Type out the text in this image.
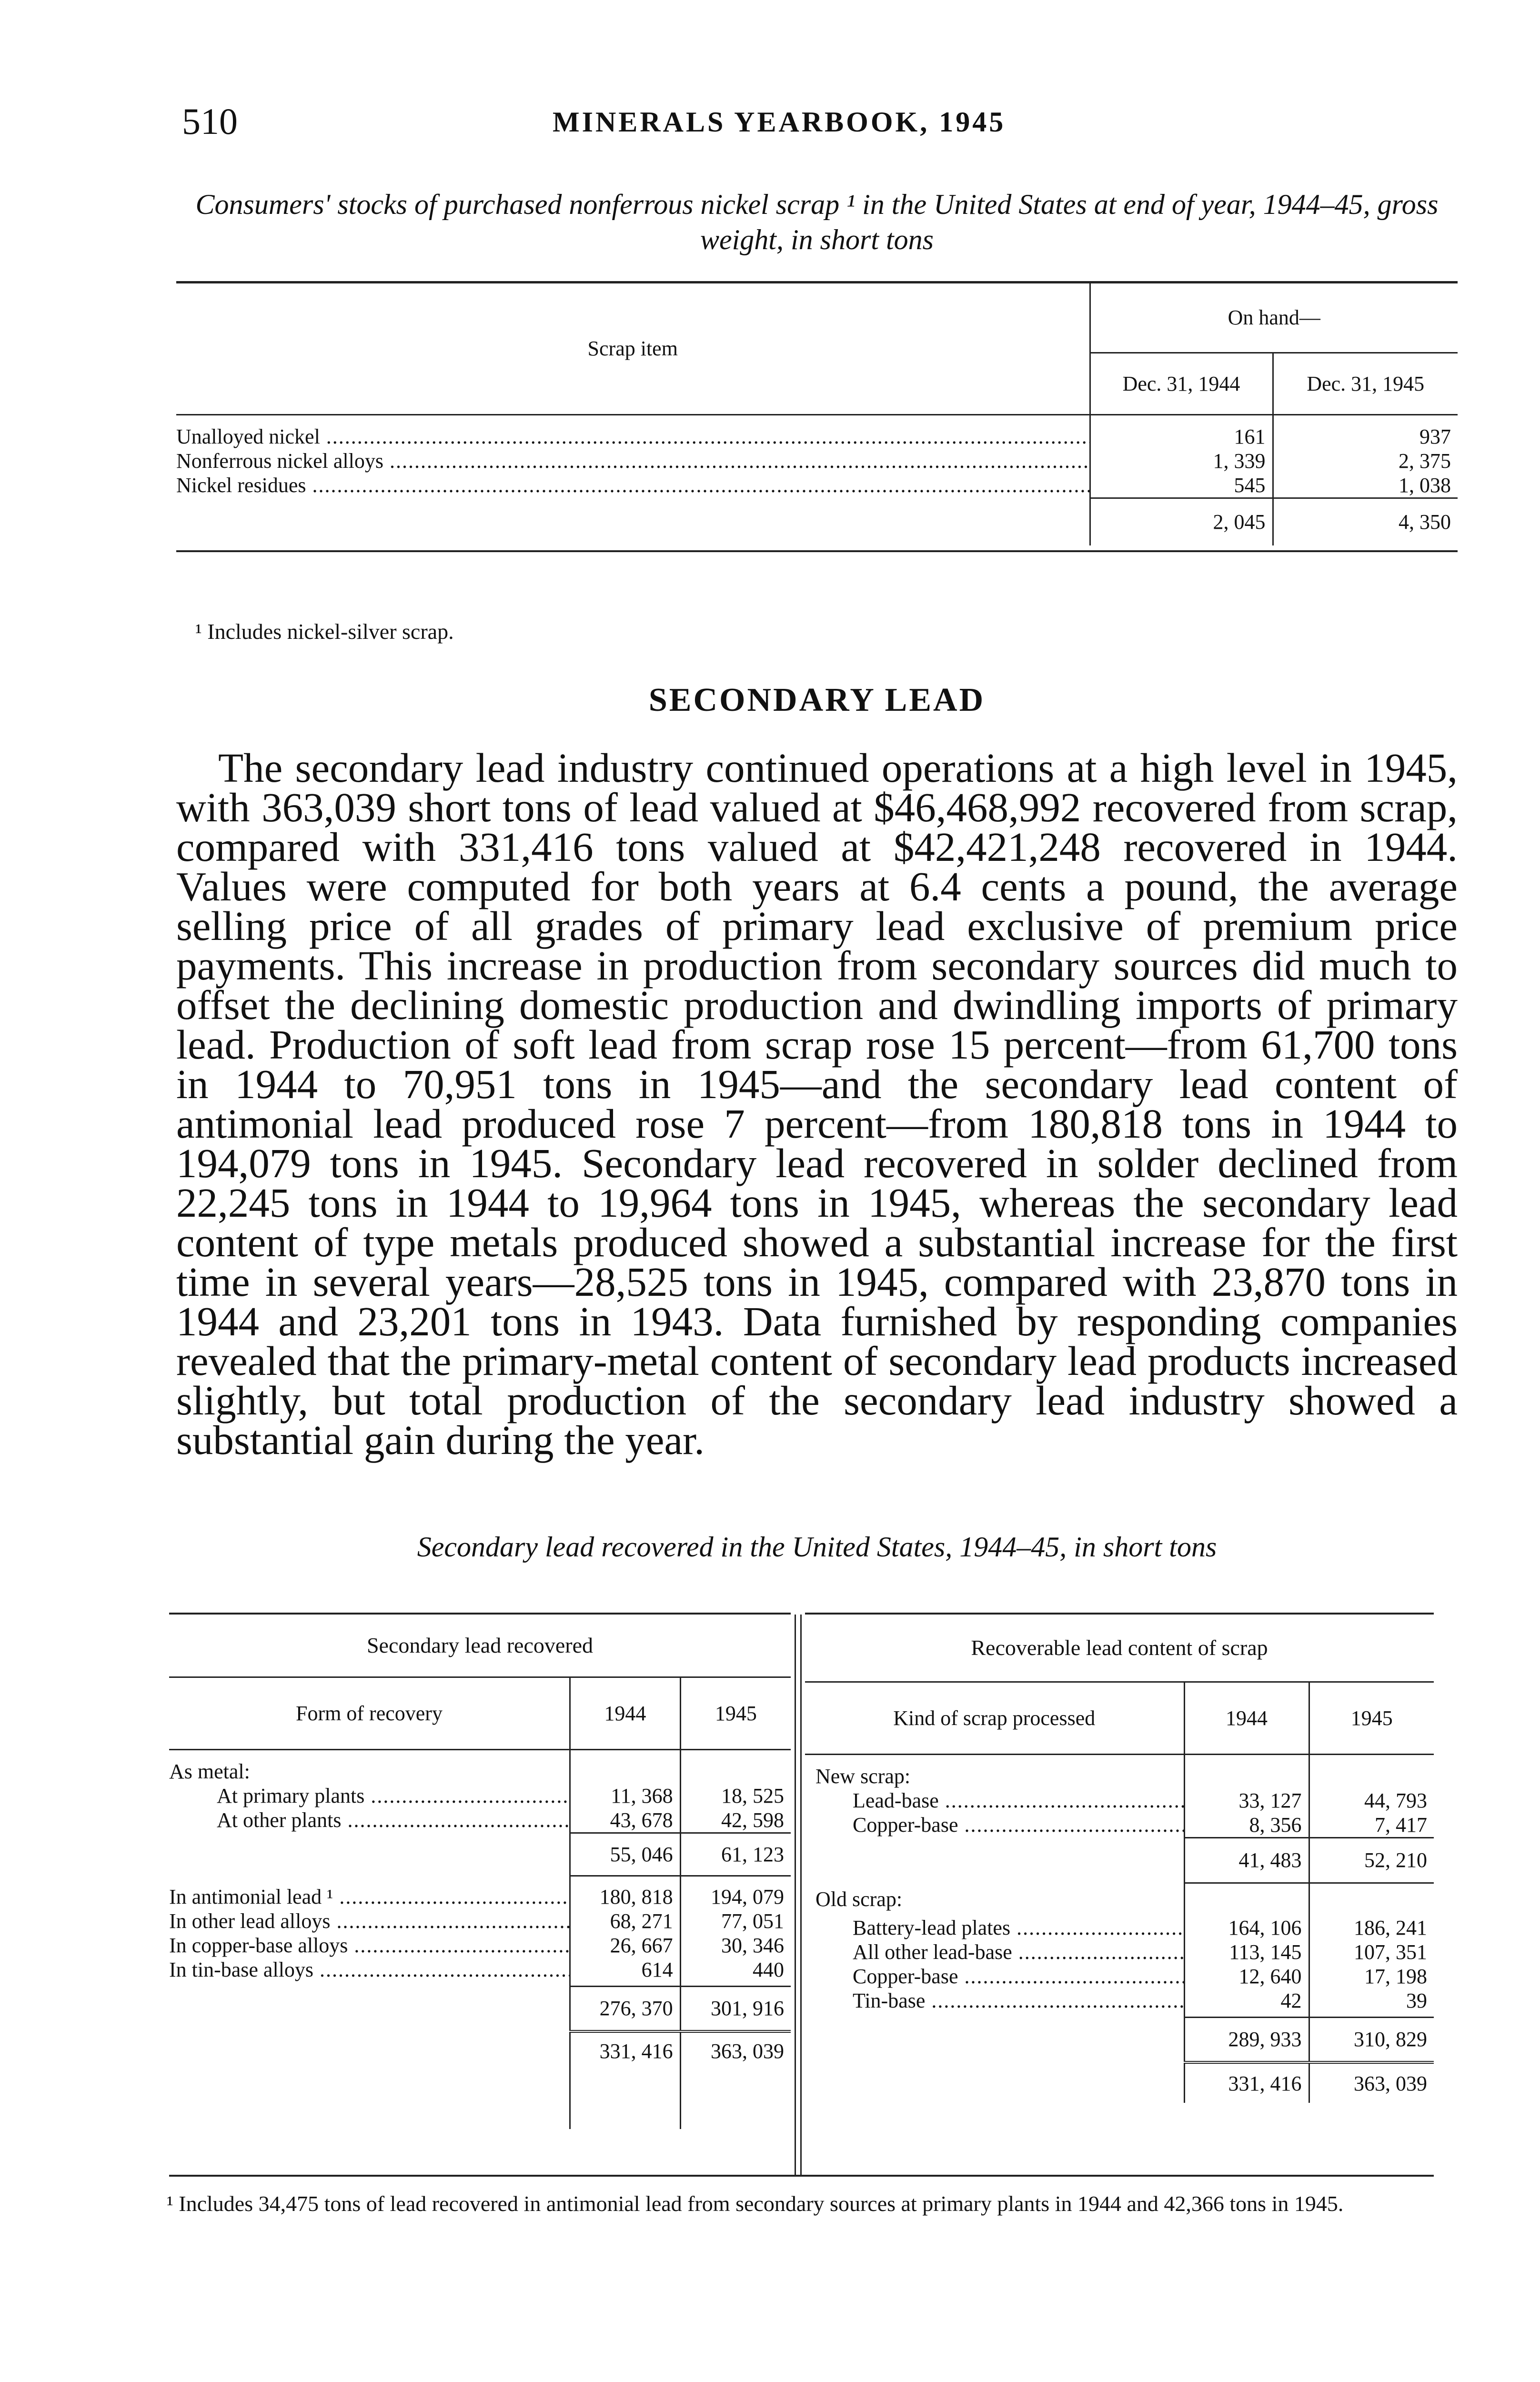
510	MINERALS YEARBOOK, 1945
Consumers' stocks of purchased nonferrous nickel scrap ¹ in the United States at end of year, 1944–45, gross weight, in short tons
Scrap item	On hand—	
	Dec. 31, 1944	Dec. 31, 1945

Unalloyed nickel .....	161	937
Nonferrous nickel alloys .....	1, 339	2, 375
Nickel residues .....	545	1, 038
	2, 045	4, 350
¹ Includes nickel-silver scrap.
SECONDARY LEAD
The secondary lead industry continued operations at a high level in 1945, with 363,039 short tons of lead valued at $46,468,992 recovered from scrap, compared with 331,416 tons valued at $42,421,248 recovered in 1944. Values were computed for both years at 6.4 cents a pound, the average selling price of all grades of primary lead exclusive of premium price payments. This increase in production from secondary sources did much to offset the declining domestic production and dwindling imports of primary lead. Production of soft lead from scrap rose 15 percent—from 61,700 tons in 1944 to 70,951 tons in 1945—and the secondary lead content of antimonial lead produced rose 7 percent—from 180,818 tons in 1944 to 194,079 tons in 1945. Secondary lead recovered in solder declined from 22,245 tons in 1944 to 19,964 tons in 1945, whereas the secondary lead content of type metals produced showed a substantial increase for the first time in several years—28,525 tons in 1945, compared with 23,870 tons in 1944 and 23,201 tons in 1943. Data furnished by responding companies revealed that the primary-metal content of secondary lead products increased slightly, but total production of the secondary lead industry showed a substantial gain during the year.
Secondary lead recovered in the United States, 1944–45, in short tons
Secondary lead recovered
Form of recovery	1944	1945

As metal:		
At primary plants .....	11, 368	18, 525
At other plants .....	43, 678	42, 598
	55, 046	61, 123
In antimonial lead ¹ .....	180, 818	194, 079
In other lead alloys .....	68, 271	77, 051
In copper-base alloys .....	26, 667	30, 346
In tin-base alloys .....	614	440
	276, 370	301, 916
	331, 416	363, 039

Recoverable lead content of scrap
Kind of scrap processed	1944	1945

New scrap:		
Lead-base .....	33, 127	44, 793
Copper-base .....	8, 356	7, 417
	41, 483	52, 210
Old scrap:		
Battery-lead plates .....	164, 106	186, 241
All other lead-base .....	113, 145	107, 351
Copper-base .....	12, 640	17, 198
Tin-base .....	42	39
	289, 933	310, 829
	331, 416	363, 039
¹ Includes 34,475 tons of lead recovered in antimonial lead from secondary sources at primary plants in 1944 and 42,366 tons in 1945.
